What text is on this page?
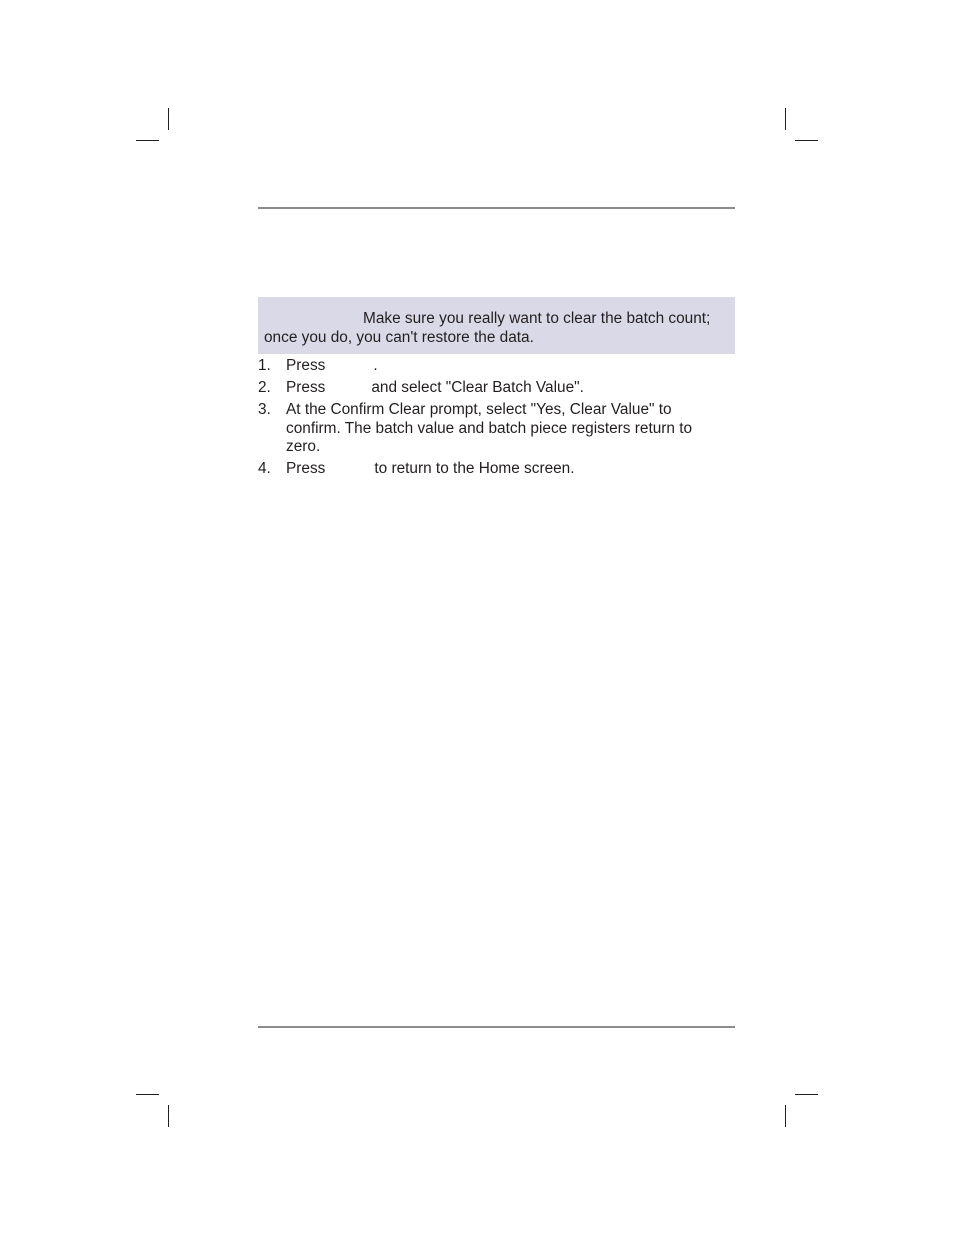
Make sure you really want to clear the batch count;
once you do, you can't restore the data.
1. Press	.
2. Press	and select "Clear Batch Value".
3. At the Confirm Clear prompt, select "Yes, Clear Value" to
confirm. The batch value and batch piece registers return to
zero.
4. Press	to return to the Home screen.
